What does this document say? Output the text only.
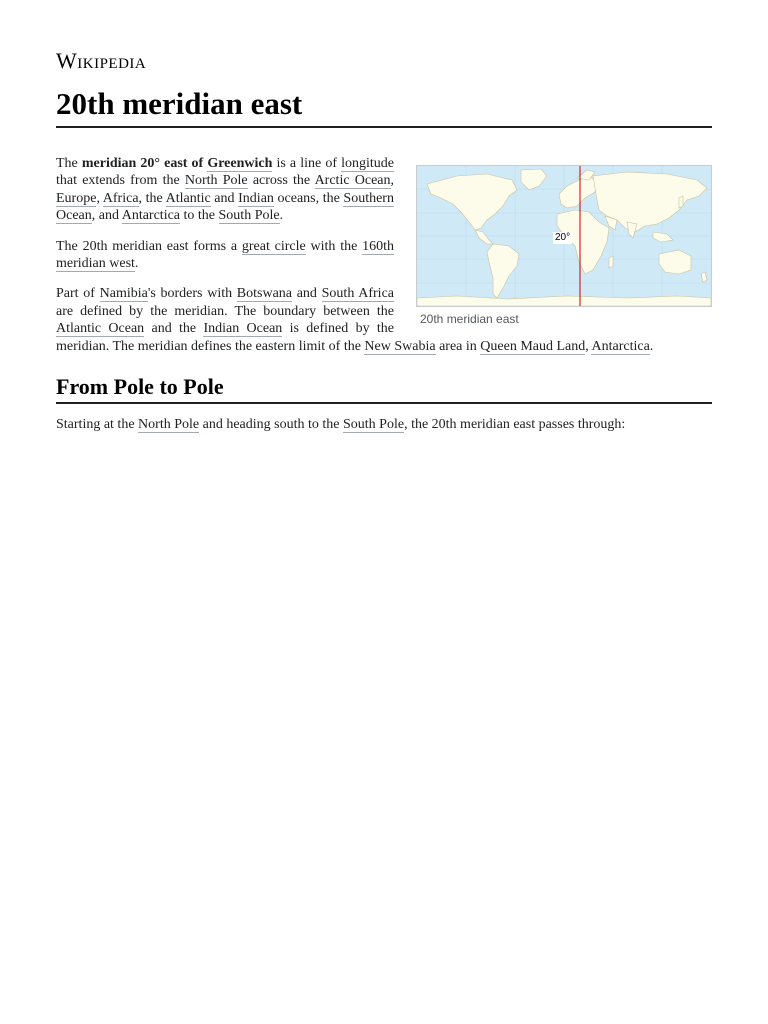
Wikipedia
20th meridian east
20°
20th meridian east

The meridian 20° east of Greenwich is a line of longitude that extends from the North Pole across the Arctic Ocean, Europe, Africa, the Atlantic and Indian oceans, the Southern Ocean, and Antarctica to the South Pole.

The 20th meridian east forms a great circle with the 160th meridian west.

Part of Namibia's borders with Botswana and South Africa are defined by the meridian. The boundary between the Atlantic Ocean and the Indian Ocean is defined by the meridian. The meridian defines the eastern limit of the New Swabia area in Queen Maud Land, Antarctica.

From Pole to Pole

Starting at the North Pole and heading south to the South Pole, the 20th meridian east passes through:
